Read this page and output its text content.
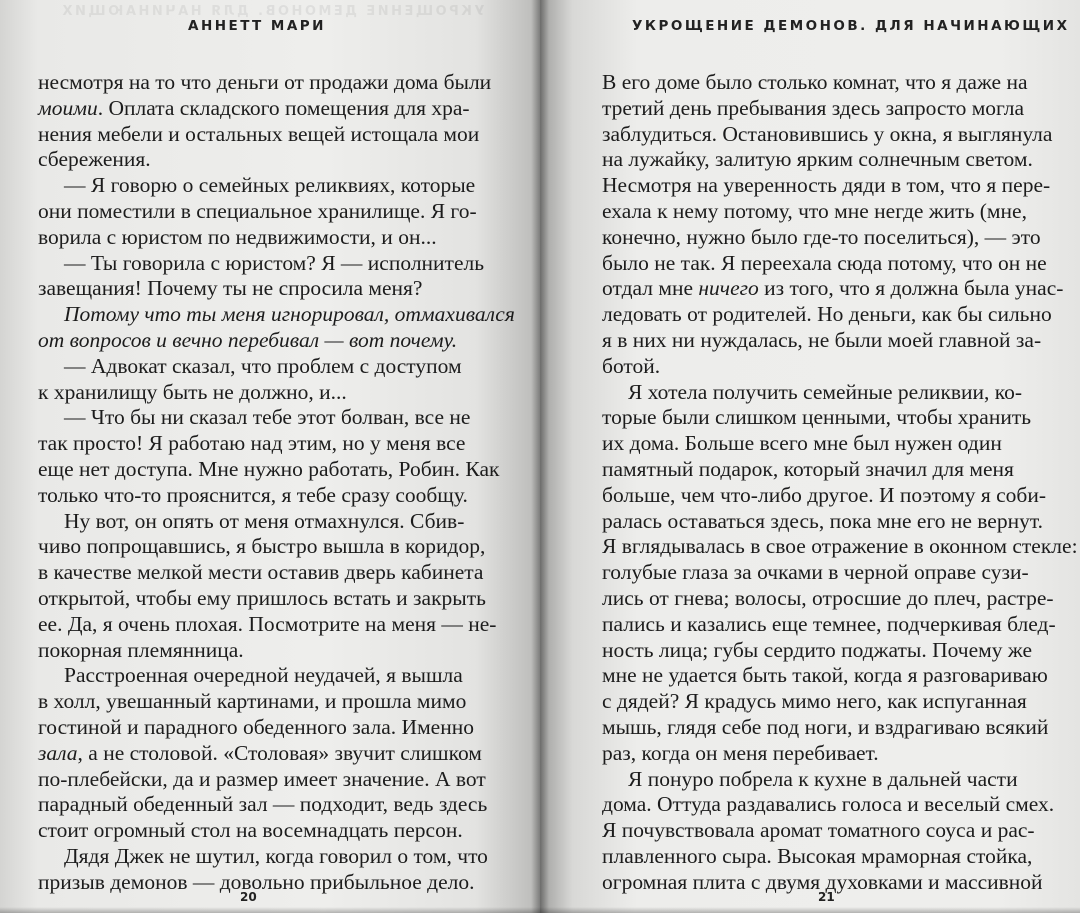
УКРОЩЕНИЕ ДЕМОНОВ. ДЛЯ НАЧИНАЮЩИХ
АННЕТТ МАРИ
несмотря на то что деньги от продажи дома были
моими. Оплата складского помещения для хра-
нения мебели и остальных вещей истощала мои
сбережения.
— Я говорю о семейных реликвиях, которые
они поместили в специальное хранилище. Я го-
ворила с юристом по недвижимости, и он...
— Ты говорила с юристом? Я — исполнитель
завещания! Почему ты не спросила меня?
Потому что ты меня игнорировал, отмахивался
от вопросов и вечно перебивал — вот почему.
— Адвокат сказал, что проблем с доступом
к хранилищу быть не должно, и...
— Что бы ни сказал тебе этот болван, все не
так просто! Я работаю над этим, но у меня все
еще нет доступа. Мне нужно работать, Робин. Как
только что-то прояснится, я тебе сразу сообщу.
Ну вот, он опять от меня отмахнулся. Сбив-
чиво попрощавшись, я быстро вышла в коридор,
в качестве мелкой мести оставив дверь кабинета
открытой, чтобы ему пришлось встать и закрыть
ее. Да, я очень плохая. Посмотрите на меня — не-
покорная племянница.
Расстроенная очередной неудачей, я вышла
в холл, увешанный картинами, и прошла мимо
гостиной и парадного обеденного зала. Именно
зала, а не столовой. «Столовая» звучит слишком
по-плебейски, да и размер имеет значение. А вот
парадный обеденный зал — подходит, ведь здесь
стоит огромный стол на восемнадцать персон.
Дядя Джек не шутил, когда говорил о том, что
призыв демонов — довольно прибыльное дело.
20
УКРОЩЕНИЕ ДЕМОНОВ. ДЛЯ НАЧИНАЮЩИХ
В его доме было столько комнат, что я даже на
третий день пребывания здесь запросто могла
заблудиться. Остановившись у окна, я выглянула
на лужайку, залитую ярким солнечным светом.
Несмотря на уверенность дяди в том, что я пере-
ехала к нему потому, что мне негде жить (мне,
конечно, нужно было где-то поселиться), — это
было не так. Я переехала сюда потому, что он не
отдал мне ничего из того, что я должна была унас-
ледовать от родителей. Но деньги, как бы сильно
я в них ни нуждалась, не были моей главной за-
ботой.
Я хотела получить семейные реликвии, ко-
торые были слишком ценными, чтобы хранить
их дома. Больше всего мне был нужен один
памятный подарок, который значил для меня
больше, чем что-либо другое. И поэтому я соби-
ралась оставаться здесь, пока мне его не вернут.
Я вглядывалась в свое отражение в оконном стекле:
голубые глаза за очками в черной оправе сузи-
лись от гнева; волосы, отросшие до плеч, растре-
пались и казались еще темнее, подчеркивая блед-
ность лица; губы сердито поджаты. Почему же
мне не удается быть такой, когда я разговариваю
с дядей? Я крадусь мимо него, как испуганная
мышь, глядя себе под ноги, и вздрагиваю всякий
раз, когда он меня перебивает.
Я понуро побрела к кухне в дальней части
дома. Оттуда раздавались голоса и веселый смех.
Я почувствовала аромат томатного соуса и рас-
плавленного сыра. Высокая мраморная стойка,
огромная плита с двумя духовками и массивной
21
